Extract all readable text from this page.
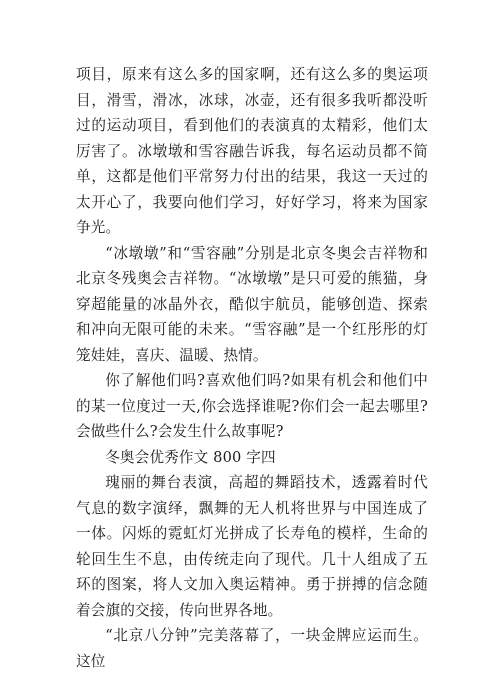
项目，原来有这么多的国家啊，还有这么多的奥运项目，滑雪，滑冰，冰球，冰壶，还有很多我听都没听过的运动项目，看到他们的表演真的太精彩，他们太厉害了。冰墩墩和雪容融告诉我，每名运动员都不简单，这都是他们平常努力付出的结果，我这一天过的太开心了，我要向他们学习，好好学习，将来为国家争光。

“冰墩墩”和“雪容融”分别是北京冬奥会吉祥物和北京冬残奥会吉祥物。“冰墩墩”是只可爱的熊猫，身穿超能量的冰晶外衣，酷似宇航员，能够创造、探索和冲向无限可能的未来。“雪容融”是一个红彤彤的灯笼娃娃，喜庆、温暖、热情。

你了解他们吗?喜欢他们吗?如果有机会和他们中的某一位度过一天,你会选择谁呢?你们会一起去哪里?会做些什么?会发生什么故事呢?

冬奥会优秀作文 800 字四

瑰丽的舞台表演，高超的舞蹈技术，透露着时代气息的数字演绎，飘舞的无人机将世界与中国连成了一体。闪烁的霓虹灯光拼成了长寿龟的模样，生命的轮回生生不息，由传统走向了现代。几十人组成了五环的图案，将人文加入奥运精神。勇于拼搏的信念随着会旗的交接，传向世界各地。

“北京八分钟”完美落幕了，一块金牌应运而生。这位
